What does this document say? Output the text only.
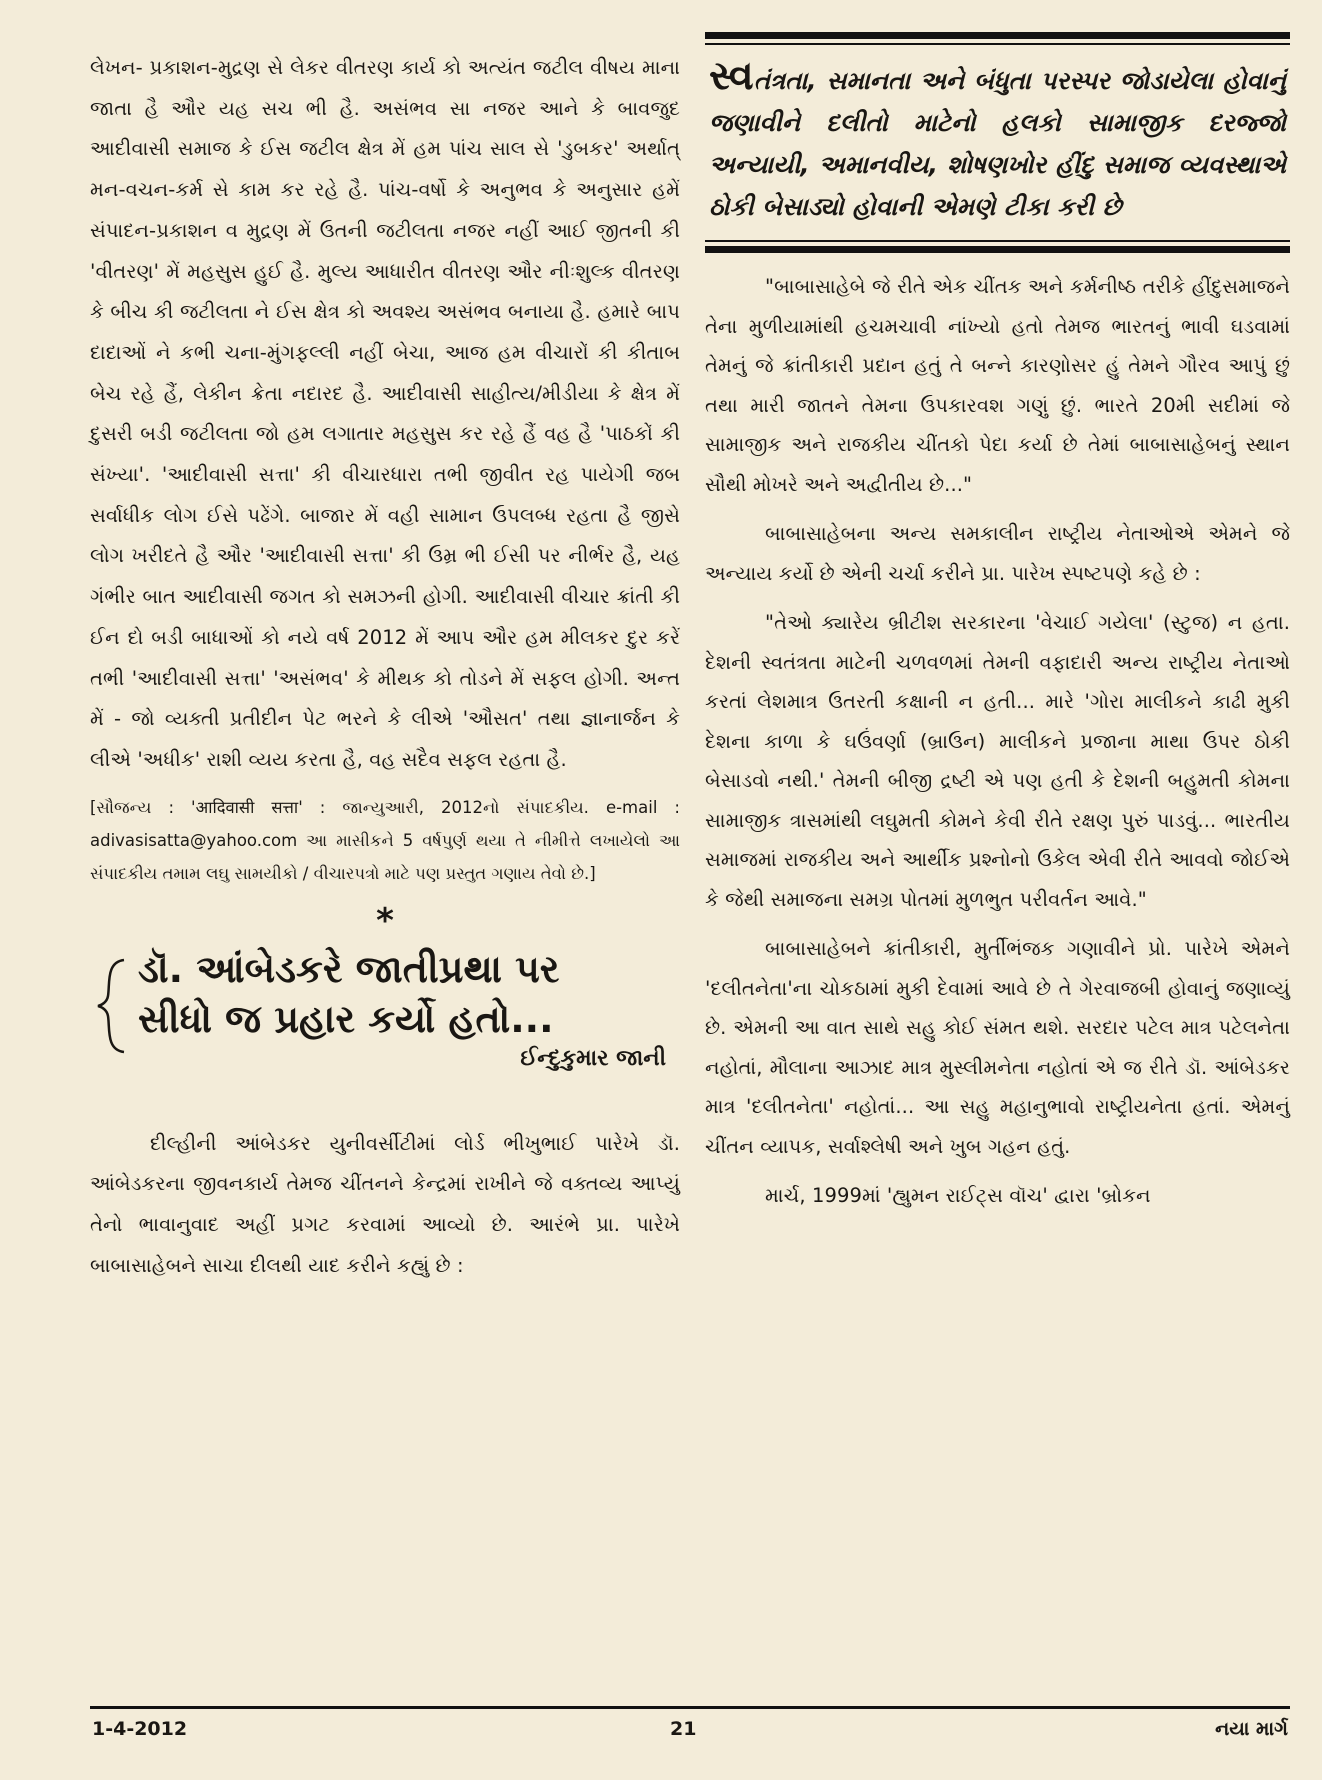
લેખન- પ્રકાશન-મુદ્રણ સે લેકર વીતરણ કાર્ય કો અત્યંત જટીલ વીષય માના જાતા હૈ ઔર યહ સચ ભી હૈ. અસંભવ સા નજર આને કે બાવજુદ આદીવાસી સમાજ કે ઈસ જટીલ ક્ષેત્ર મેં હમ પાંચ સાલ સે 'ડુબકર' અર્થાત્ મન-વચન-કર્મ સે કામ કર રહે હૈ. પાંચ-વર્ષો કે અનુભવ કે અનુસાર હમેં સંપાદન-પ્રકાશન વ મુદ્રણ મેં ઉતની જટીલતા નજર નહીં આઈ જીતની કી 'વીતરણ' મેં મહસુસ હુઈ હૈ. મુલ્ય આધારીત વીતરણ ઔર નીઃશુલ્ક વીતરણ કે બીચ કી જટીલતા ને ઈસ ક્ષેત્ર કો અવશ્ય અસંભવ બનાયા હૈ. હમારે બાપ દાદાઓં ને કભી ચના-મુંગફલ્લી નહીં બેચા, આજ હમ વીચારોં કી કીતાબ બેચ રહે હૈં, લેકીન ક્રેતા નદારદ હૈ. આદીવાસી સાહીત્ય/મીડીયા કે ક્ષેત્ર મેં દુસરી બડી જટીલતા જો હમ લગાતાર મહસુસ કર રહે હૈં વહ હૈ 'પાઠકોં કી સંખ્યા'. 'આદીવાસી સત્તા' કી વીચારધારા તભી જીવીત રહ પાયેગી જબ સર્વાધીક લોગ ઈસે પઢેંગે. બાજાર મેં વહી સામાન ઉપલબ્ધ રહતા હૈ જીસે લોગ ખરીદતે હૈ ઔર 'આદીવાસી સત્તા' કી ઉમ્ર ભી ઈસી પર નીર્ભર હૈ, યહ ગંભીર બાત આદીવાસી જગત કો સમઝની હોગી. આદીવાસી વીચાર ક્રાંતી કી ઈન દો બડી બાધાઓં કો નયે વર્ષ 2012 મેં આપ ઔર હમ મીલકર દુર કરેં તભી 'આદીવાસી સત્તા' 'અસંભવ' કે મીથક કો તોડને મેં સફલ હોગી. અન્ત મેં - જો વ્યક્તી પ્રતીદીન પેટ ભરને કે લીએ 'ઔસત' તથા જ્ઞાનાર્જન કે લીએ 'અધીક' રાશી વ્યય કરતા હૈ, વહ સદૈવ સફલ રહતા હૈ.

[સૌજન્ય : 'आदिवासी सत्ता' : જાન્યુઆરી, 2012નો સંપાદકીય. e-mail : adivasisatta@yahoo.com આ માસીકને 5 વર્ષપુર્ણ થયા તે નીમીત્તે લખાયેલો આ સંપાદકીય તમામ લઘુ સામયીકો / વીચારપત્રો માટે પણ પ્રસ્તુત ગણાય તેવો છે.]

*

ડૉ. આંબેડકરે જાતીપ્રથા પર

સીધો જ પ્રહાર કર્યો હતો...

ઈન્દુકુમાર જાની

દીલ્હીની આંબેડકર યુનીવર્સીટીમાં લોર્ડ ભીખુભાઈ પારેખે ડૉ. આંબેડકરના જીવનકાર્ય તેમજ ચીંતનને કેન્દ્રમાં રાખીને જે વક્તવ્ય આપ્યું તેનો ભાવાનુવાદ અહીં પ્રગટ કરવામાં આવ્યો છે. આરંભે પ્રા. પારેખે બાબાસાહેબને સાચા દીલથી યાદ કરીને કહ્યું છે :

સ્વતંત્રતા, સમાનતા અને બંધુતા પરસ્પર જોડાયેલા હોવાનું જણાવીને દલીતો માટેનો હલકો સામાજીક દરજ્જો અન્યાયી, અમાનવીય, શોષણખોર હીંદુ સમાજ વ્યવસ્થાએ ઠોકી બેસાડ્યો હોવાની એમણે ટીકા કરી છે

"બાબાસાહેબે જે રીતે એક ચીંતક અને કર્મનીષ્ઠ તરીકે હીંદુસમાજને તેના મુળીયામાંથી હચમચાવી નાંખ્યો હતો તેમજ ભારતનું ભાવી ઘડવામાં તેમનું જે ક્રાંતીકારી પ્રદાન હતું તે બન્ને કારણોસર હું તેમને ગૌરવ આપું છું તથા મારી જાતને તેમના ઉપકારવશ ગણું છું. ભારતે 20મી સદીમાં જે સામાજીક અને રાજકીય ચીંતકો પેદા કર્યા છે તેમાં બાબાસાહેબનું સ્થાન સૌથી મોખરે અને અદ્વીતીય છે..."

બાબાસાહેબના અન્ય સમકાલીન રાષ્ટ્રીય નેતાઓએ એમને જે અન્યાય કર્યો છે એની ચર્ચા કરીને પ્રા. પારેખ સ્પષ્ટપણે કહે છે :

"તેઓ ક્યારેય બ્રીટીશ સરકારના 'વેચાઈ ગયેલા' (સ્ટુજ) ન હતા. દેશની સ્વતંત્રતા માટેની ચળવળમાં તેમની વફાદારી અન્ય રાષ્ટ્રીય નેતાઓ કરતાં લેશમાત્ર ઉતરતી કક્ષાની ન હતી... મારે 'ગોરા માલીકને કાઢી મુકી દેશના કાળા કે ઘઉંવર્ણા (બ્રાઉન) માલીકને પ્રજાના માથા ઉપર ઠોકી બેસાડવો નથી.' તેમની બીજી દ્રષ્ટી એ પણ હતી કે દેશની બહુમતી કોમના સામાજીક ત્રાસમાંથી લઘુમતી કોમને કેવી રીતે રક્ષણ પુરું પાડવું... ભારતીય સમાજમાં રાજકીય અને આર્થીક પ્રશ્નોનો ઉકેલ એવી રીતે આવવો જોઈએ કે જેથી સમાજના સમગ્ર પોતમાં મુળભુત પરીવર્તન આવે."

બાબાસાહેબને ક્રાંતીકારી, મુર્તીભંજક ગણાવીને પ્રો. પારેખે એમને 'દલીતનેતા'ના ચોકઠામાં મુકી દેવામાં આવે છે તે ગેરવાજબી હોવાનું જણાવ્યું છે. એમની આ વાત સાથે સહુ કોઈ સંમત થશે. સરદાર પટેલ માત્ર પટેલનેતા નહોતાં, મૌલાના આઝાદ માત્ર મુસ્લીમનેતા નહોતાં એ જ રીતે ડૉ. આંબેડકર માત્ર 'દલીતનેતા' નહોતાં... આ સહુ મહાનુભાવો રાષ્ટ્રીયનેતા હતાં. એમનું ચીંતન વ્યાપક, સર્વાશ્લેષી અને ખુબ ગહન હતું.

માર્ચ, 1999માં 'હ્યુમન રાઈટ્સ વૉચ' દ્વારા 'બ્રોકન

1-4-2012	21	નયા માર્ગ
